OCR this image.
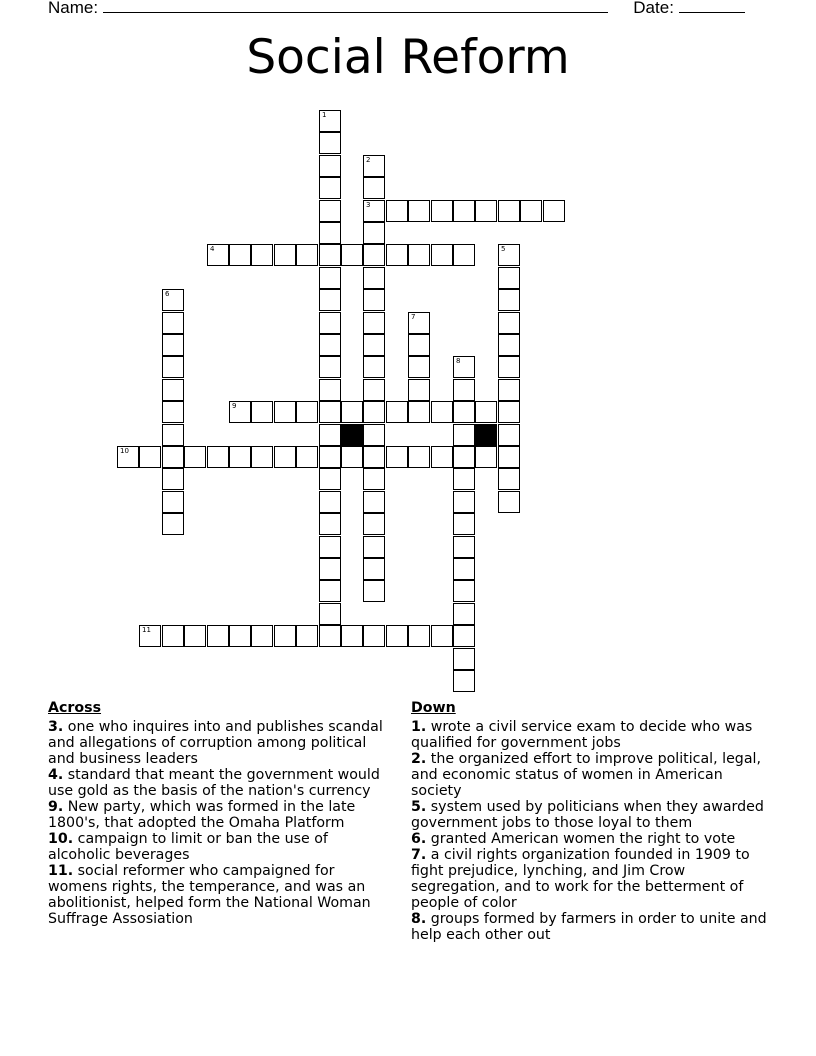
Name:	Date:
Social Reform
1
2
3
4	5
6
7
8
9
10
11
Across

3. one who inquires into and publishes scandal and allegations of corruption among political and business leaders

4. standard that meant the government would use gold as the basis of the nation's currency

9. New party, which was formed in the late 1800's, that adopted the Omaha Platform

10. campaign to limit or ban the use of alcoholic beverages

11. social reformer who campaigned for womens rights, the temperance, and was an abolitionist, helped form the National Woman Suffrage Assosiation

Down

1. wrote a civil service exam to decide who was qualified for government jobs

2. the organized effort to improve political, legal, and economic status of women in American society

5. system used by politicians when they awarded government jobs to those loyal to them

6. granted American women the right to vote

7. a civil rights organization founded in 1909 to fight prejudice, lynching, and Jim Crow segregation, and to work for the betterment of people of color

8. groups formed by farmers in order to unite and help each other out
